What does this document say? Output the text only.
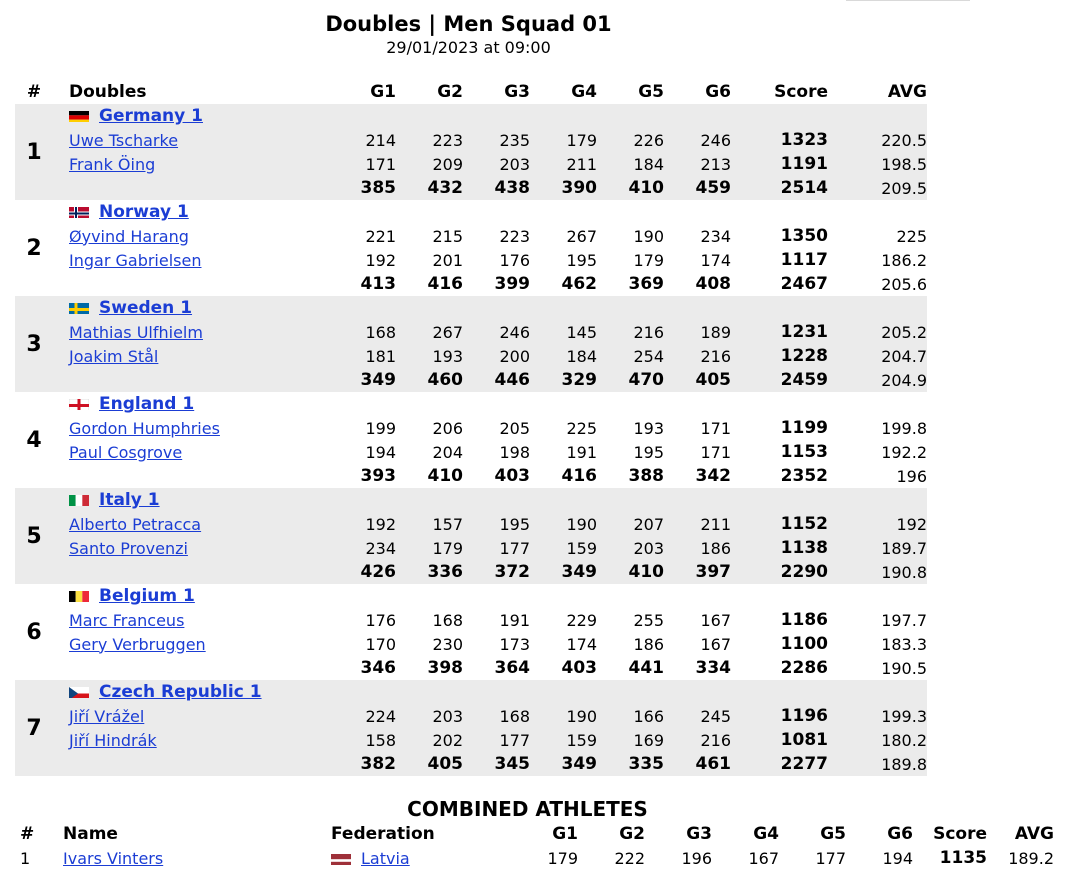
Doubles | Men Squad 01
29/01/2023 at 09:00
#	Doubles	G1	G2	G3	G4	G5	G6	Score	AVG
1	Germany 1								
	Uwe Tscharke	214	223	235	179	226	246	1323	220.5
	Frank Öing	171	209	203	211	184	213	1191	198.5
		385	432	438	390	410	459	2514	209.5
2	Norway 1								
	Øyvind Harang	221	215	223	267	190	234	1350	225
	Ingar Gabrielsen	192	201	176	195	179	174	1117	186.2
		413	416	399	462	369	408	2467	205.6
3	Sweden 1								
	Mathias Ulfhielm	168	267	246	145	216	189	1231	205.2
	Joakim Stål	181	193	200	184	254	216	1228	204.7
		349	460	446	329	470	405	2459	204.9
4	England 1								
	Gordon Humphries	199	206	205	225	193	171	1199	199.8
	Paul Cosgrove	194	204	198	191	195	171	1153	192.2
		393	410	403	416	388	342	2352	196
5	Italy 1								
	Alberto Petracca	192	157	195	190	207	211	1152	192
	Santo Provenzi	234	179	177	159	203	186	1138	189.7
		426	336	372	349	410	397	2290	190.8
6	Belgium 1								
	Marc Franceus	176	168	191	229	255	167	1186	197.7
	Gery Verbruggen	170	230	173	174	186	167	1100	183.3
		346	398	364	403	441	334	2286	190.5
7	Czech Republic 1								
	Jiří Vrážel	224	203	168	190	166	245	1196	199.3
	Jiří Hindrák	158	202	177	159	169	216	1081	180.2
		382	405	345	349	335	461	2277	189.8
COMBINED ATHLETES
#	Name	Federation	G1	G2	G3	G4	G5	G6	Score	AVG
1	Ivars Vinters	Latvia	179	222	196	167	177	194	1135	189.2
